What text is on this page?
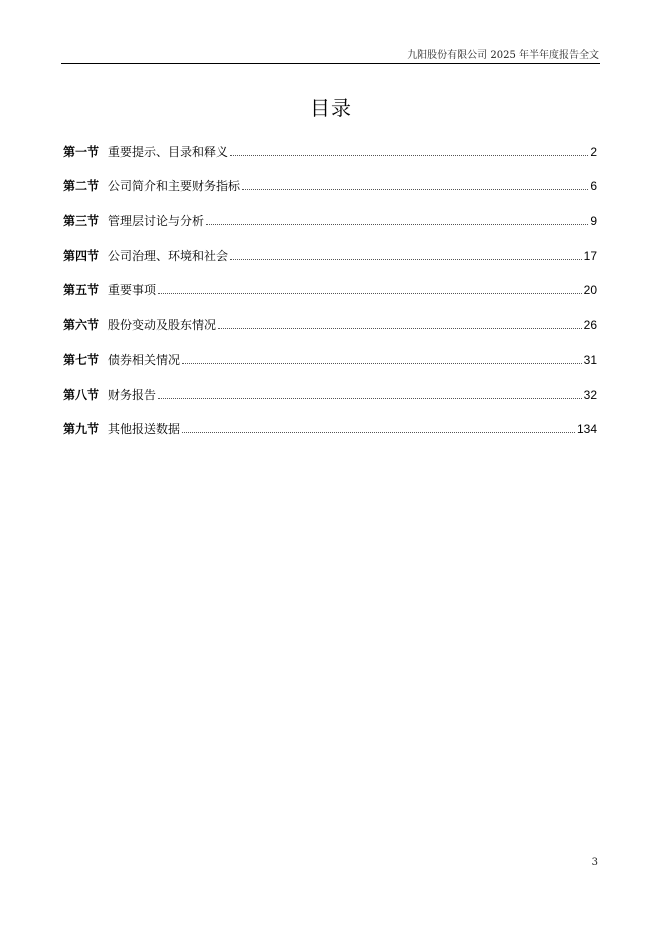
九阳股份有限公司 2025 年半年度报告全文
目录
第一节 重要提示、目录和释义	2
第二节 公司简介和主要财务指标	6
第三节 管理层讨论与分析	9
第四节 公司治理、环境和社会	17
第五节 重要事项	20
第六节 股份变动及股东情况	26
第七节 债券相关情况	31
第八节 财务报告	32
第九节 其他报送数据	134
3
